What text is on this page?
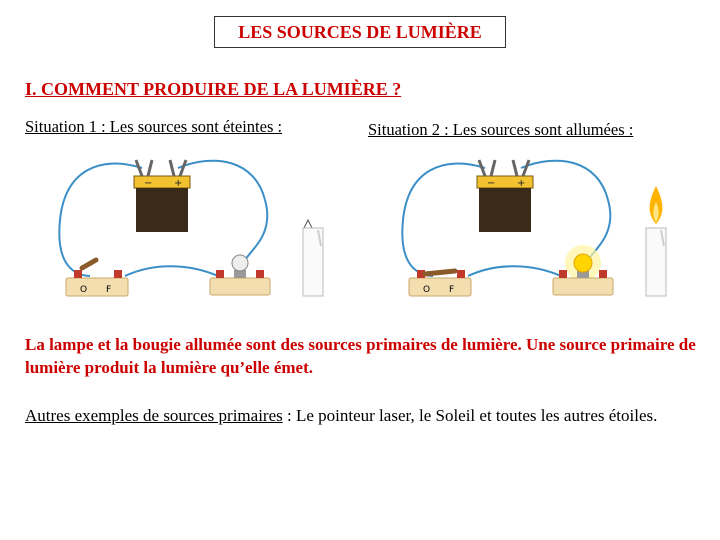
LES SOURCES DE LUMIÈRE
I. COMMENT PRODUIRE DE LA LUMIÈRE ?
Situation 1 : Les sources sont éteintes :	Situation 2 : Les sources sont allumées :
− +
O F
− +
O F
La lampe et la bougie allumée sont des sources primaires de lumière. Une source primaire de lumière produit la lumière qu’elle émet.
Autres exemples de sources primaires : Le pointeur laser, le Soleil et toutes les autres étoiles.
